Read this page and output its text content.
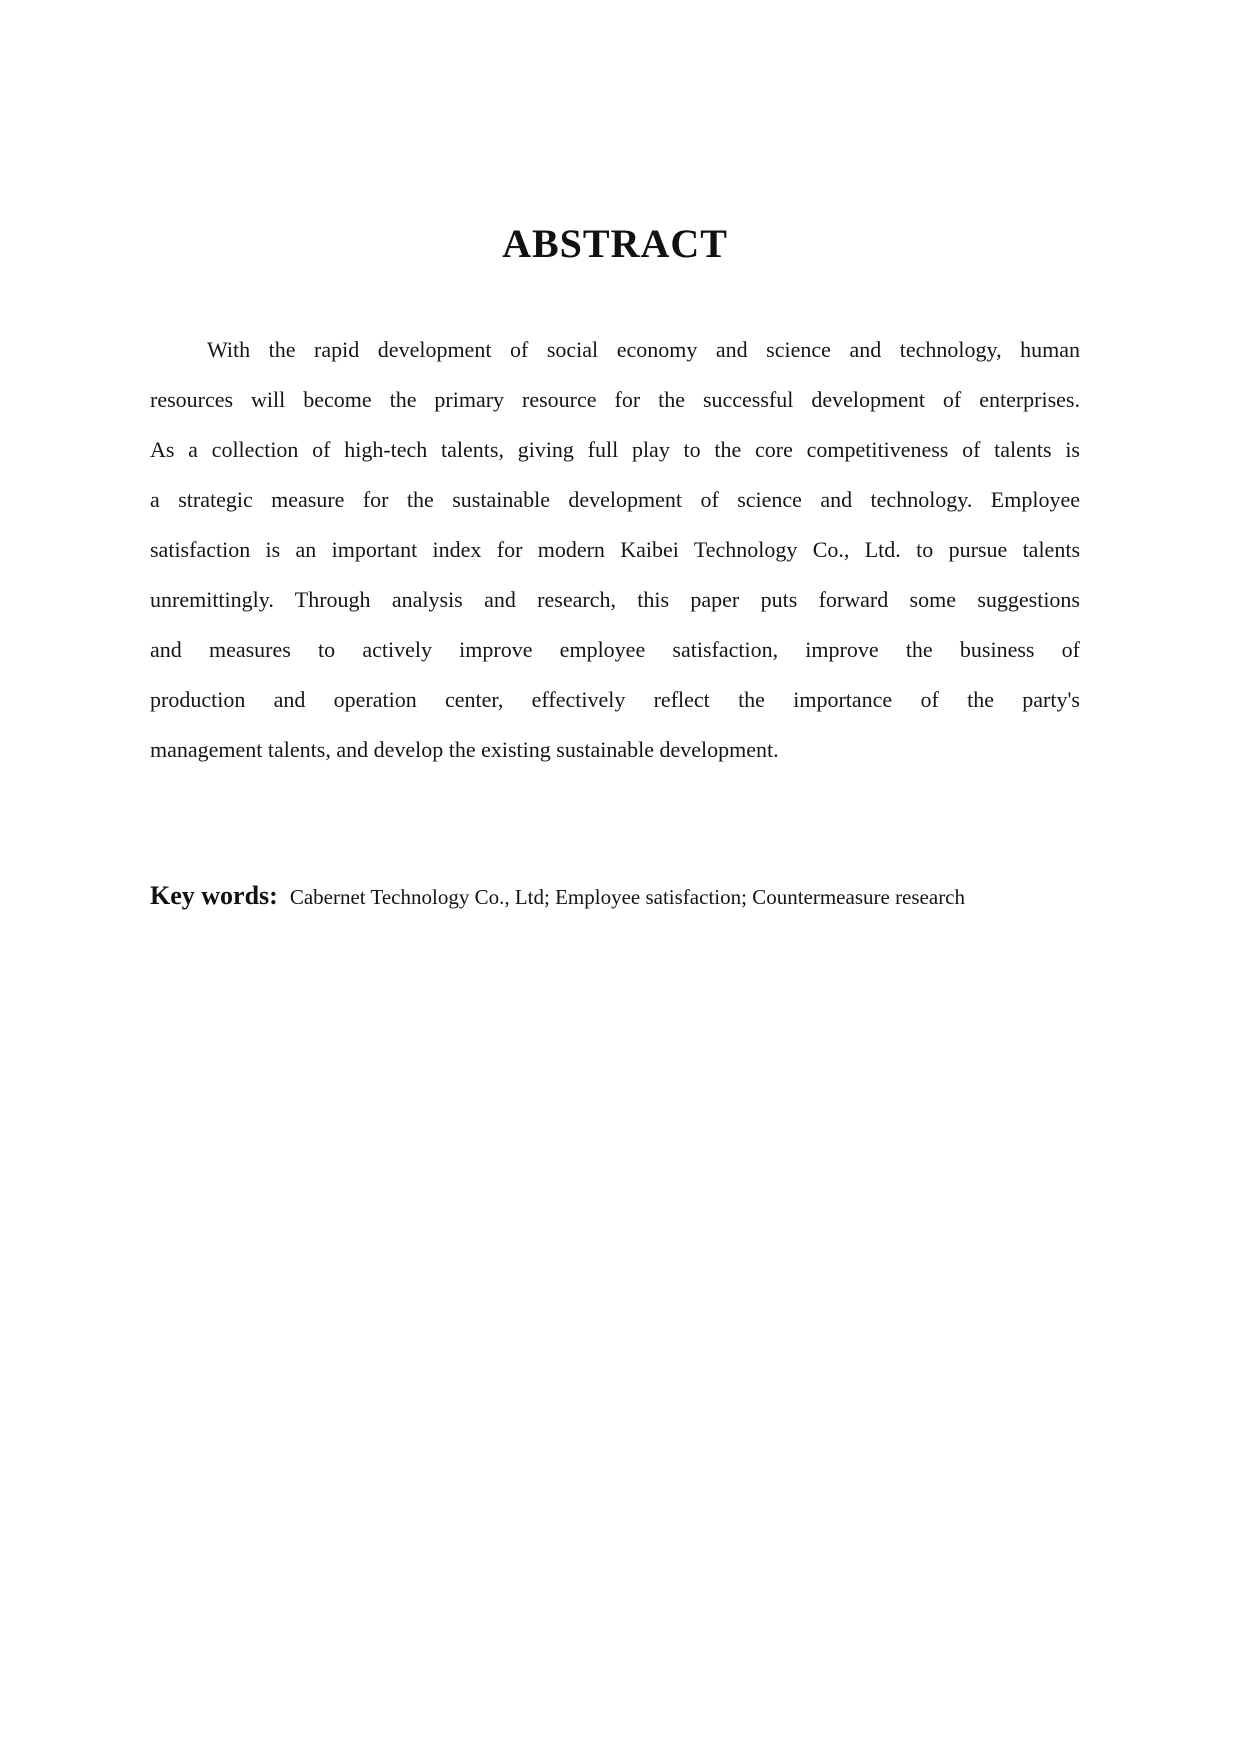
ABSTRACT
With the rapid development of social economy and science and technology, human
resources will become the primary resource for the successful development of enterprises.
As a collection of high-tech talents, giving full play to the core competitiveness of talents is
a strategic measure for the sustainable development of science and technology. Employee
satisfaction is an important index for modern Kaibei Technology Co., Ltd. to pursue talents
unremittingly. Through analysis and research, this paper puts forward some suggestions
and measures to actively improve employee satisfaction, improve the business of
production and operation center, effectively reflect the importance of the party's
management talents, and develop the existing sustainable development.
Key words: Cabernet Technology Co., Ltd; Employee satisfaction; Countermeasure research
